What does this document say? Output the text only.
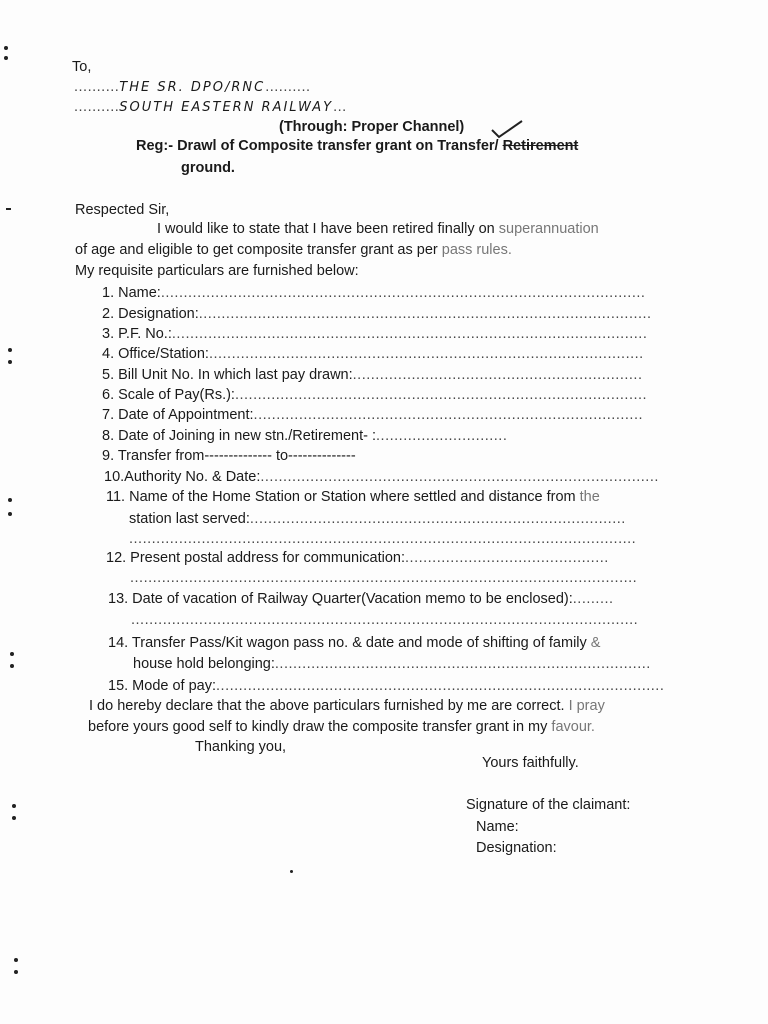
To,
..........THE SR. DPO/RNC..........
..........SOUTH EASTERN RAILWAY...
(Through: Proper Channel)
Reg:- Drawl of Composite transfer grant on Transfer/ Retirement
ground.
Respected Sir,
I would like to state that I have been retired finally on superannuation
of age and eligible to get composite transfer grant as per pass rules.
My requisite particulars are furnished below:
1. Name:...........................................................................................................
2. Designation:....................................................................................................
3. P.F. No.:.........................................................................................................
4. Office/Station:................................................................................................
5. Bill Unit No. In which last pay drawn:................................................................
6. Scale of Pay(Rs.):...........................................................................................
7. Date of Appointment:......................................................................................
8. Date of Joining in new stn./Retirement- :.............................
9. Transfer from-------------- to--------------
10.Authority No. & Date:........................................................................................
11. Name of the Home Station or Station where settled and distance from the
station last served:...................................................................................
................................................................................................................
12. Present postal address for communication:.............................................
................................................................................................................
13. Date of vacation of Railway Quarter(Vacation memo to be enclosed):.........
................................................................................................................
14. Transfer Pass/Kit wagon pass no. & date and mode of shifting of family &
house hold belonging:...................................................................................
15. Mode of pay:...................................................................................................
I do hereby declare that the above particulars furnished by me are correct. I pray
before yours good self to kindly draw the composite transfer grant in my favour.
Thanking you,
Yours faithfully.
Signature of the claimant:
Name:
Designation:
